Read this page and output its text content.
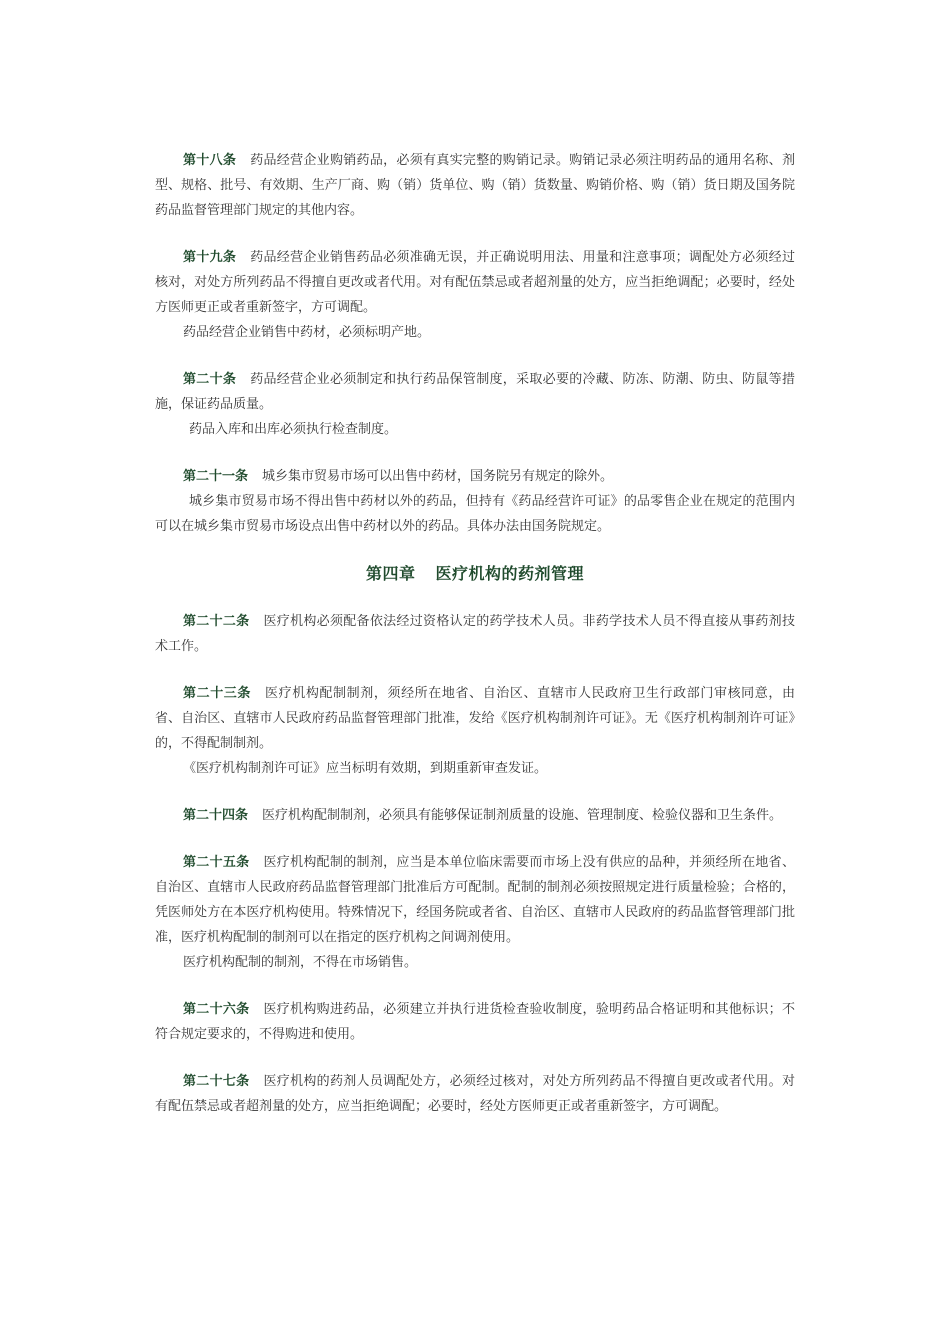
第十八条 药品经营企业购销药品，必须有真实完整的购销记录。购销记录必须注明药品的通用名称、剂型、规格、批号、有效期、生产厂商、购（销）货单位、购（销）货数量、购销价格、购（销）货日期及国务院药品监督管理部门规定的其他内容。

第十九条 药品经营企业销售药品必须准确无误，并正确说明用法、用量和注意事项；调配处方必须经过核对，对处方所列药品不得擅自更改或者代用。对有配伍禁忌或者超剂量的处方，应当拒绝调配；必要时，经处方医师更正或者重新签字，方可调配。

药品经营企业销售中药材，必须标明产地。

第二十条 药品经营企业必须制定和执行药品保管制度，采取必要的冷藏、防冻、防潮、防虫、防鼠等措施，保证药品质量。

药品入库和出库必须执行检查制度。

第二十一条 城乡集市贸易市场可以出售中药材，国务院另有规定的除外。

城乡集市贸易市场不得出售中药材以外的药品，但持有《药品经营许可证》的品零售企业在规定的范围内可以在城乡集市贸易市场设点出售中药材以外的药品。具体办法由国务院规定。

第四章 医疗机构的药剂管理

第二十二条 医疗机构必须配备依法经过资格认定的药学技术人员。非药学技术人员不得直接从事药剂技术工作。

第二十三条 医疗机构配制制剂，须经所在地省、自治区、直辖市人民政府卫生行政部门审核同意，由省、自治区、直辖市人民政府药品监督管理部门批准，发给《医疗机构制剂许可证》。无《医疗机构制剂许可证》的，不得配制制剂。

《医疗机构制剂许可证》应当标明有效期，到期重新审查发证。

第二十四条 医疗机构配制制剂，必须具有能够保证制剂质量的设施、管理制度、检验仪器和卫生条件。

第二十五条 医疗机构配制的制剂，应当是本单位临床需要而市场上没有供应的品种，并须经所在地省、自治区、直辖市人民政府药品监督管理部门批准后方可配制。配制的制剂必须按照规定进行质量检验；合格的，凭医师处方在本医疗机构使用。特殊情况下，经国务院或者省、自治区、直辖市人民政府的药品监督管理部门批准，医疗机构配制的制剂可以在指定的医疗机构之间调剂使用。

医疗机构配制的制剂，不得在市场销售。

第二十六条 医疗机构购进药品，必须建立并执行进货检查验收制度，验明药品合格证明和其他标识；不符合规定要求的，不得购进和使用。

第二十七条 医疗机构的药剂人员调配处方，必须经过核对，对处方所列药品不得擅自更改或者代用。对有配伍禁忌或者超剂量的处方，应当拒绝调配；必要时，经处方医师更正或者重新签字，方可调配。
